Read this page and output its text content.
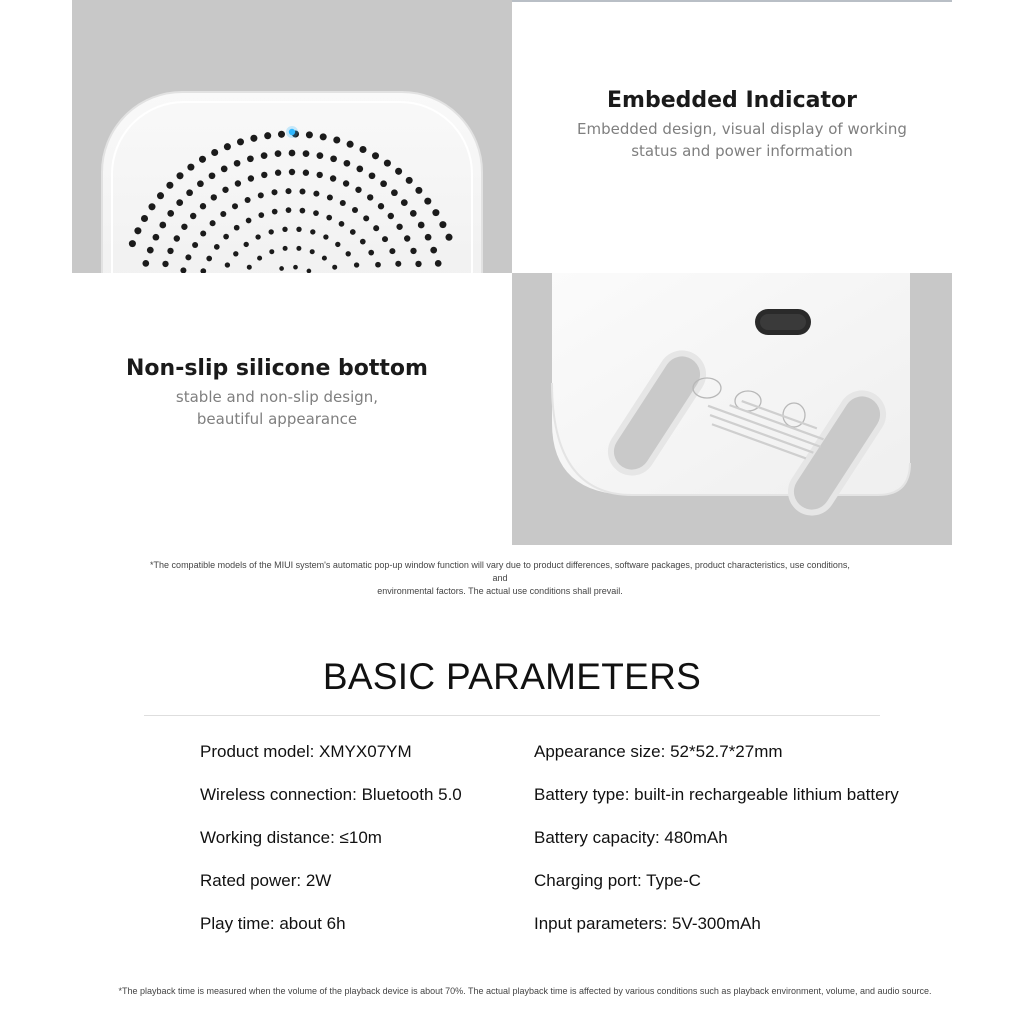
Embedded Indicator
Embedded design, visual display of working
status and power information
Non-slip silicone bottom
stable and non-slip design,
beautiful appearance
*The compatible models of the MIUI system's automatic pop-up window function will vary due to product differences, software packages, product characteristics, use conditions, and
environmental factors. The actual use conditions shall prevail.
BASIC PARAMETERS
Product model: XMYX07YM
Wireless connection: Bluetooth 5.0
Working distance: ≤10m
Rated power: 2W
Play time: about 6h
Appearance size: 52*52.7*27mm
Battery type: built-in rechargeable lithium battery
Battery capacity: 480mAh
Charging port: Type-C
Input parameters: 5V-300mAh
*The playback time is measured when the volume of the playback device is about 70%. The actual playback time is affected by various conditions such as playback environment, volume, and audio source.
